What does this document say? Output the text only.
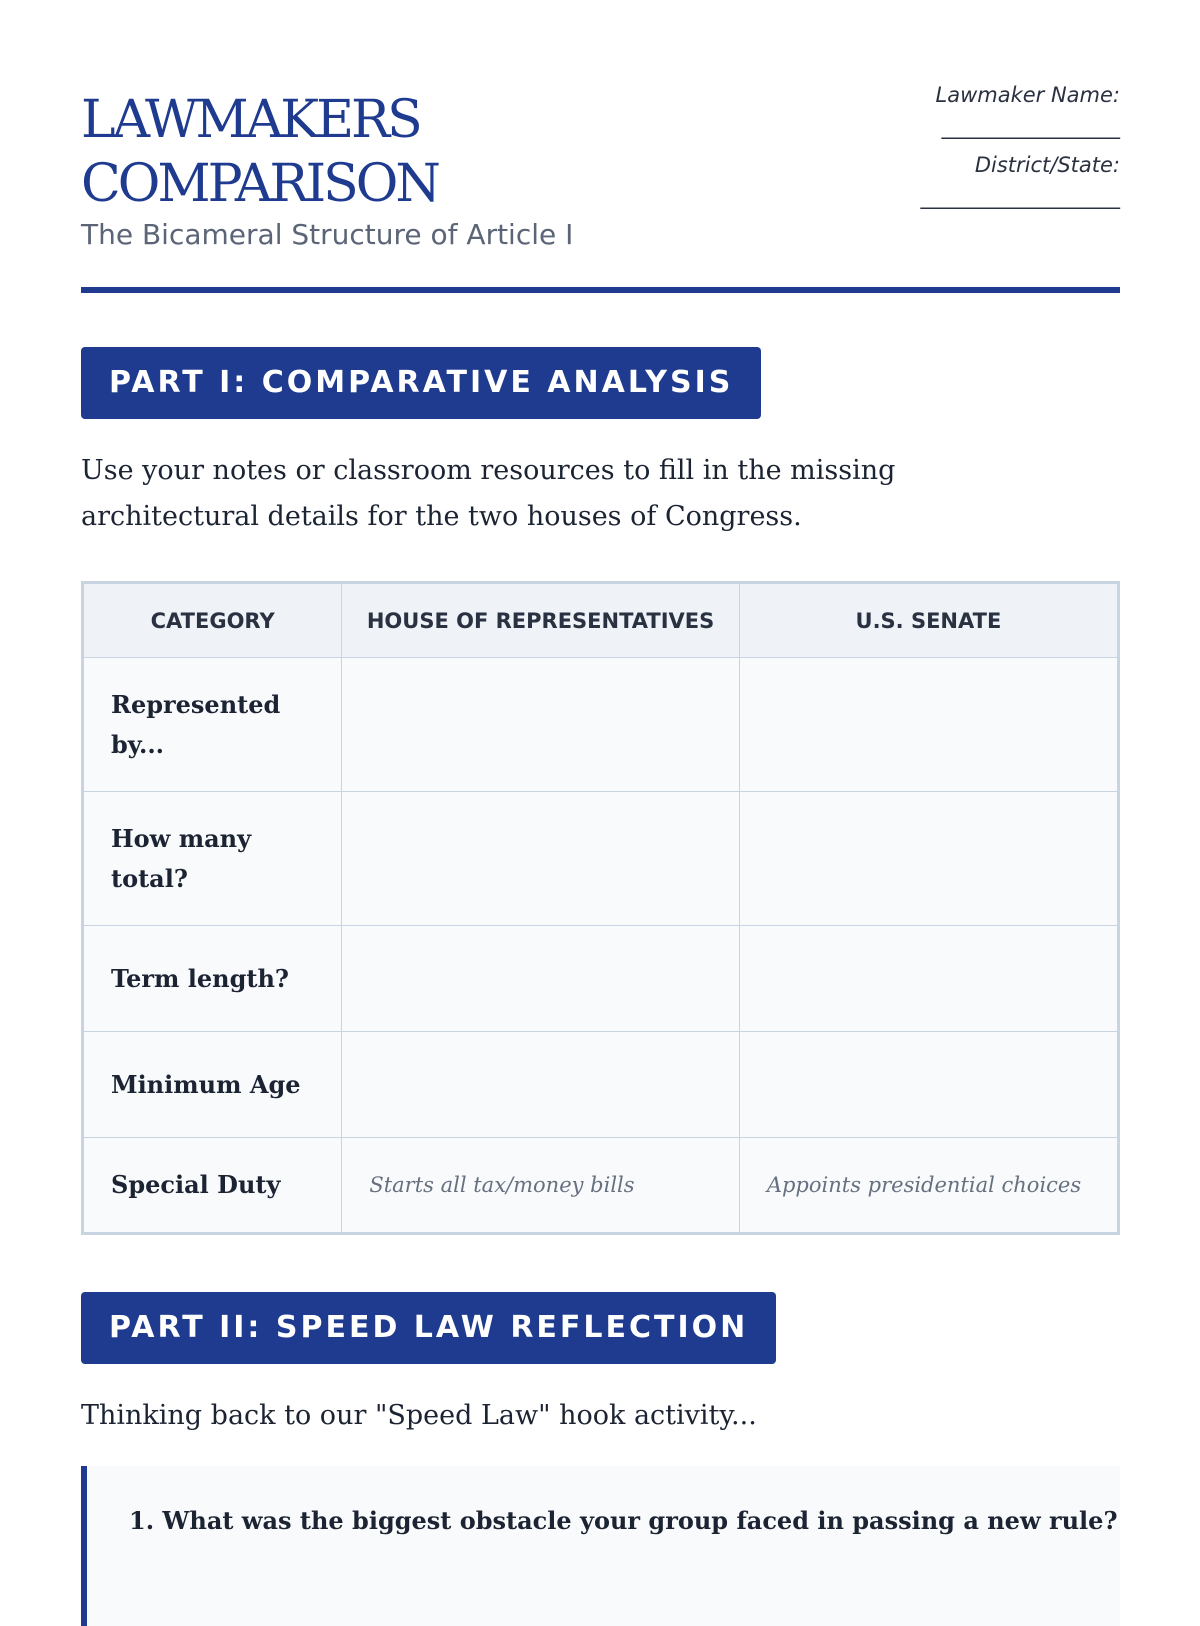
LAWMAKERS
COMPARISON

The Bicameral Structure of Article I

Lawmaker Name:
_________________
District/State:
___________________
PART I: COMPARATIVE ANALYSIS

Use your notes or classroom resources to fill in the missing architectural details for the two houses of Congress.

CATEGORY	HOUSE OF REPRESENTATIVES	U.S. SENATE
Represented by...		
How many total?		
Term length?		
Minimum Age		
Special Duty	Starts all tax/money bills	Appoints presidential choices
PART II: SPEED LAW REFLECTION

Thinking back to our "Speed Law" hook activity...

1. What was the biggest obstacle your group faced in passing a new rule?
